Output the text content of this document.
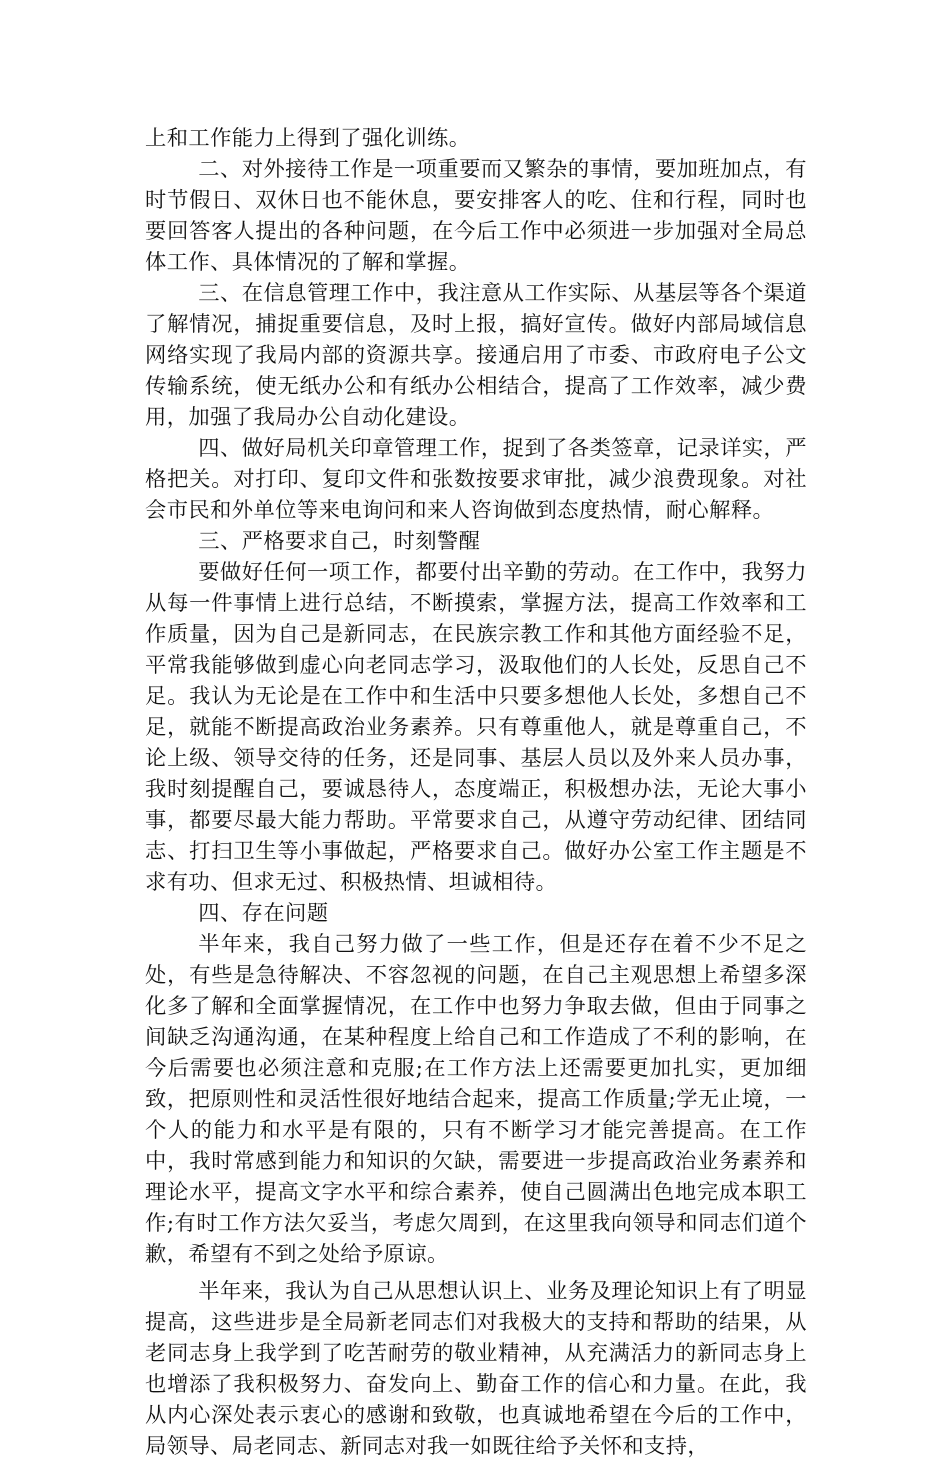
上和工作能力上得到了强化训练。

二、对外接待工作是一项重要而又繁杂的事情，要加班加点，有时节假日、双休日也不能休息，要安排客人的吃、住和行程，同时也要回答客人提出的各种问题，在今后工作中必须进一步加强对全局总体工作、具体情况的了解和掌握。

三、在信息管理工作中，我注意从工作实际、从基层等各个渠道了解情况，捕捉重要信息，及时上报，搞好宣传。做好内部局域信息网络实现了我局内部的资源共享。接通启用了市委、市政府电子公文传输系统，使无纸办公和有纸办公相结合，提高了工作效率，减少费用，加强了我局办公自动化建设。

四、做好局机关印章管理工作，捉到了各类签章，记录详实，严格把关。对打印、复印文件和张数按要求审批，减少浪费现象。对社会市民和外单位等来电询问和来人咨询做到态度热情，耐心解释。

三、严格要求自己，时刻警醒

要做好任何一项工作，都要付出辛勤的劳动。在工作中，我努力从每一件事情上进行总结，不断摸索，掌握方法，提高工作效率和工作质量，因为自己是新同志，在民族宗教工作和其他方面经验不足，平常我能够做到虚心向老同志学习，汲取他们的人长处，反思自己不足。我认为无论是在工作中和生活中只要多想他人长处，多想自己不足，就能不断提高政治业务素养。只有尊重他人，就是尊重自己，不论上级、领导交待的任务，还是同事、基层人员以及外来人员办事，我时刻提醒自己，要诚恳待人，态度端正，积极想办法，无论大事小事，都要尽最大能力帮助。平常要求自己，从遵守劳动纪律、团结同志、打扫卫生等小事做起，严格要求自己。做好办公室工作主题是不求有功、但求无过、积极热情、坦诚相待。

四、存在问题

半年来，我自己努力做了一些工作，但是还存在着不少不足之处，有些是急待解决、不容忽视的问题，在自己主观思想上希望多深化多了解和全面掌握情况，在工作中也努力争取去做，但由于同事之间缺乏沟通沟通，在某种程度上给自己和工作造成了不利的影响，在今后需要也必须注意和克服;在工作方法上还需要更加扎实，更加细致，把原则性和灵活性很好地结合起来，提高工作质量;学无止境，一个人的能力和水平是有限的，只有不断学习才能完善提高。在工作中，我时常感到能力和知识的欠缺，需要进一步提高政治业务素养和理论水平，提高文字水平和综合素养，使自己圆满出色地完成本职工作;有时工作方法欠妥当，考虑欠周到，在这里我向领导和同志们道个歉，希望有不到之处给予原谅。

半年来，我认为自己从思想认识上、业务及理论知识上有了明显提高，这些进步是全局新老同志们对我极大的支持和帮助的结果，从老同志身上我学到了吃苦耐劳的敬业精神，从充满活力的新同志身上也增添了我积极努力、奋发向上、勤奋工作的信心和力量。在此，我从内心深处表示衷心的感谢和致敬，也真诚地希望在今后的工作中，局领导、局老同志、新同志对我一如既往给予关怀和支持，
